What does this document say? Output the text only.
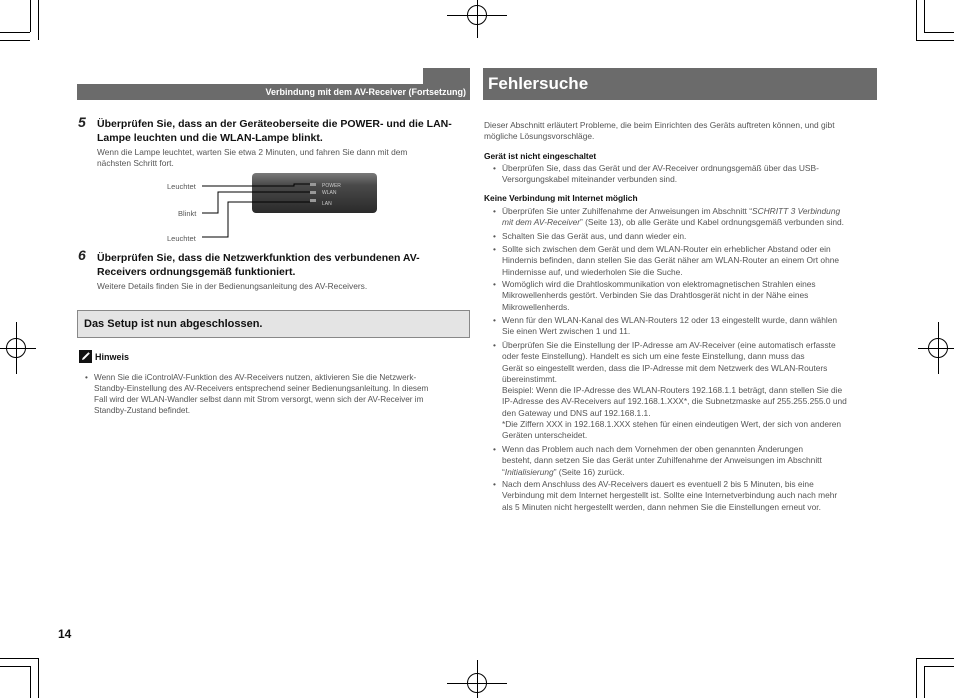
Verbindung mit dem AV-Receiver (Fortsetzung)
5 Überprüfen Sie, dass an der Geräteoberseite die POWER- und die LAN-
Lampe leuchten und die WLAN-Lampe blinkt.
Wenn die Lampe leuchtet, warten Sie etwa 2 Minuten, und fahren Sie dann mit dem
nächsten Schritt fort.
Leuchtet
Blinkt
Leuchtet
POWER
WLAN
LAN
6 Überprüfen Sie, dass die Netzwerkfunktion des verbundenen AV-
Receivers ordnungsgemäß funktioniert.
Weitere Details finden Sie in der Bedienungsanleitung des AV-Receivers.
Das Setup ist nun abgeschlossen.
Hinweis
• Wenn Sie die iControlAV-Funktion des AV-Receivers nutzen, aktivieren Sie die Netzwerk-
Standby-Einstellung des AV-Receivers entsprechend seiner Bedienungsanleitung. In diesem
Fall wird der WLAN-Wandler selbst dann mit Strom versorgt, wenn sich der AV-Receiver im
Standby-Zustand befindet.
14
Fehlersuche
Dieser Abschnitt erläutert Probleme, die beim Einrichten des Geräts auftreten können, und gibt
mögliche Lösungsvorschläge.
Gerät ist nicht eingeschaltet
• Überprüfen Sie, dass das Gerät und der AV-Receiver ordnungsgemäß über das USB-
Versorgungskabel miteinander verbunden sind.
Keine Verbindung mit Internet möglich
• Überprüfen Sie unter Zuhilfenahme der Anweisungen im Abschnitt “SCHRITT 3 Verbindung
mit dem AV-Receiver” (Seite 13), ob alle Geräte und Kabel ordnungsgemäß verbunden sind.
• Schalten Sie das Gerät aus, und dann wieder ein.
• Sollte sich zwischen dem Gerät und dem WLAN-Router ein erheblicher Abstand oder ein
Hindernis befinden, dann stellen Sie das Gerät näher am WLAN-Router an einem Ort ohne
Hindernisse auf, und wiederholen Sie die Suche.
• Womöglich wird die Drahtloskommunikation von elektromagnetischen Strahlen eines
Mikrowellenherds gestört. Verbinden Sie das Drahtlosgerät nicht in der Nähe eines
Mikrowellenherds.
• Wenn für den WLAN-Kanal des WLAN-Routers 12 oder 13 eingestellt wurde, dann wählen
Sie einen Wert zwischen 1 und 11.
• Überprüfen Sie die Einstellung der IP-Adresse am AV-Receiver (eine automatisch erfasste
oder feste Einstellung). Handelt es sich um eine feste Einstellung, dann muss das
Gerät so eingestellt werden, dass die IP-Adresse mit dem Netzwerk des WLAN-Routers
übereinstimmt.
Beispiel: Wenn die IP-Adresse des WLAN-Routers 192.168.1.1 beträgt, dann stellen Sie die
IP-Adresse des AV-Receivers auf 192.168.1.XXX*, die Subnetzmaske auf 255.255.255.0 und
den Gateway und DNS auf 192.168.1.1.
*Die Ziffern XXX in 192.168.1.XXX stehen für einen eindeutigen Wert, der sich von anderen
Geräten unterscheidet.
• Wenn das Problem auch nach dem Vornehmen der oben genannten Änderungen
besteht, dann setzen Sie das Gerät unter Zuhilfenahme der Anweisungen im Abschnitt
“Initialisierung” (Seite 16) zurück.
• Nach dem Anschluss des AV-Receivers dauert es eventuell 2 bis 5 Minuten, bis eine
Verbindung mit dem Internet hergestellt ist. Sollte eine Internetverbindung auch nach mehr
als 5 Minuten nicht hergestellt werden, dann nehmen Sie die Einstellungen erneut vor.
